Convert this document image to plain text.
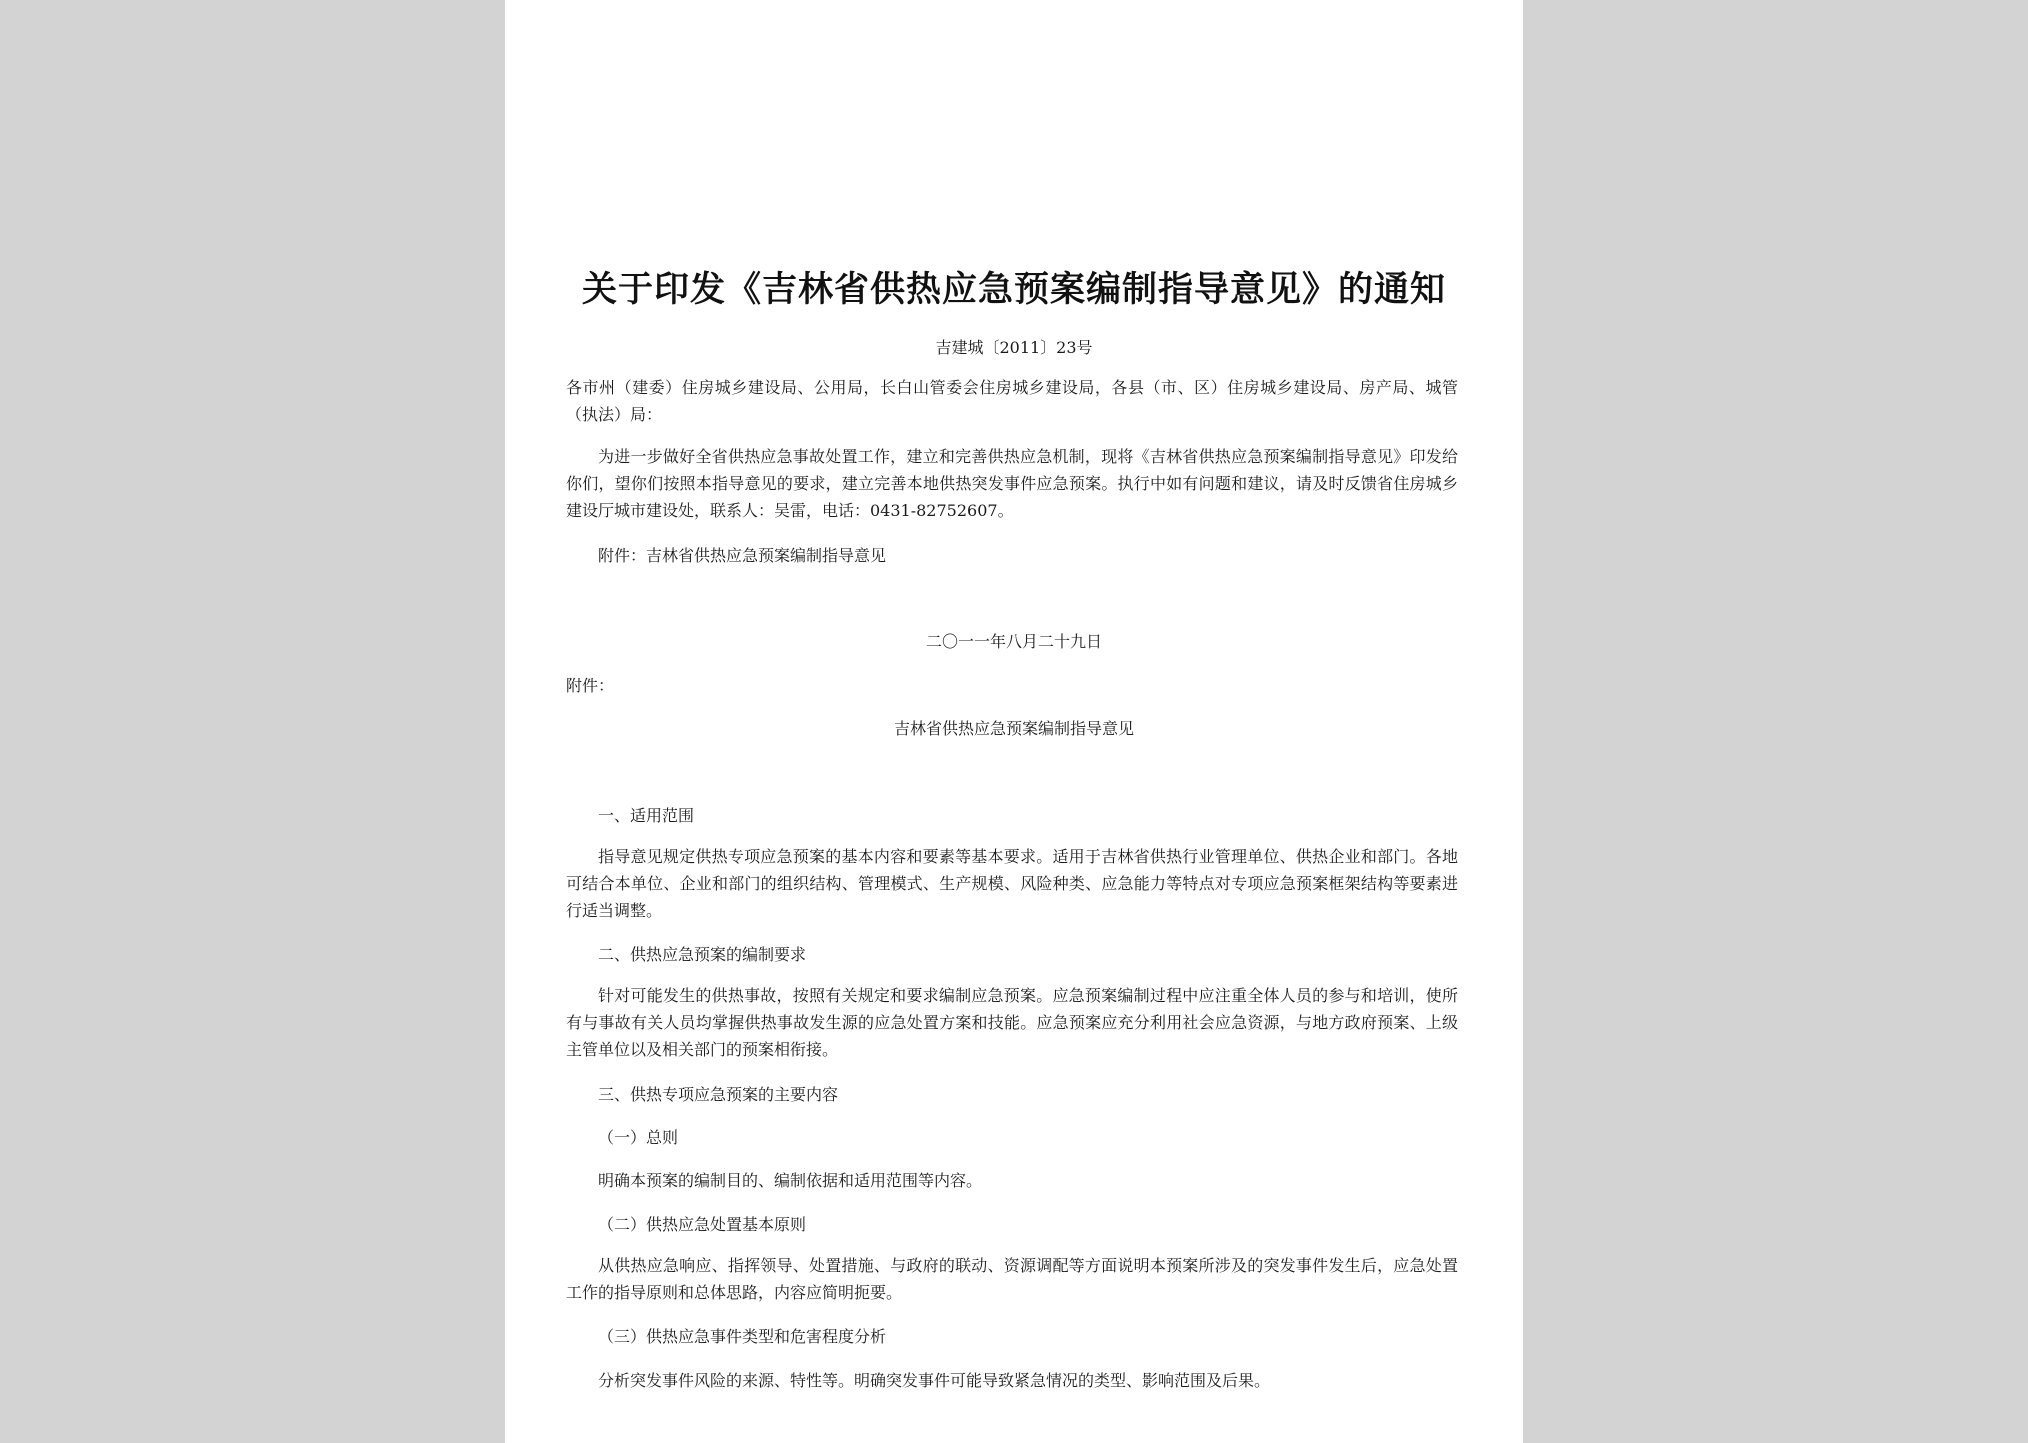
关于印发《吉林省供热应急预案编制指导意见》的通知
吉建城〔2011〕23号
各市州（建委）住房城乡建设局、公用局，长白山管委会住房城乡建设局，各县（市、区）住房城乡建设局、房产局、城管（执法）局：
为进一步做好全省供热应急事故处置工作，建立和完善供热应急机制，现将《吉林省供热应急预案编制指导意见》印发给你们，望你们按照本指导意见的要求，建立完善本地供热突发事件应急预案。执行中如有问题和建议，请及时反馈省住房城乡建设厅城市建设处，联系人：吴雷，电话：0431-82752607。
附件：吉林省供热应急预案编制指导意见
二〇一一年八月二十九日
附件：
吉林省供热应急预案编制指导意见
一、适用范围
指导意见规定供热专项应急预案的基本内容和要素等基本要求。适用于吉林省供热行业管理单位、供热企业和部门。各地可结合本单位、企业和部门的组织结构、管理模式、生产规模、风险种类、应急能力等特点对专项应急预案框架结构等要素进行适当调整。
二、供热应急预案的编制要求
针对可能发生的供热事故，按照有关规定和要求编制应急预案。应急预案编制过程中应注重全体人员的参与和培训，使所有与事故有关人员均掌握供热事故发生源的应急处置方案和技能。应急预案应充分利用社会应急资源，与地方政府预案、上级主管单位以及相关部门的预案相衔接。
三、供热专项应急预案的主要内容
（一）总则
明确本预案的编制目的、编制依据和适用范围等内容。
（二）供热应急处置基本原则
从供热应急响应、指挥领导、处置措施、与政府的联动、资源调配等方面说明本预案所涉及的突发事件发生后，应急处置工作的指导原则和总体思路，内容应简明扼要。
（三）供热应急事件类型和危害程度分析
分析突发事件风险的来源、特性等。明确突发事件可能导致紧急情况的类型、影响范围及后果。
